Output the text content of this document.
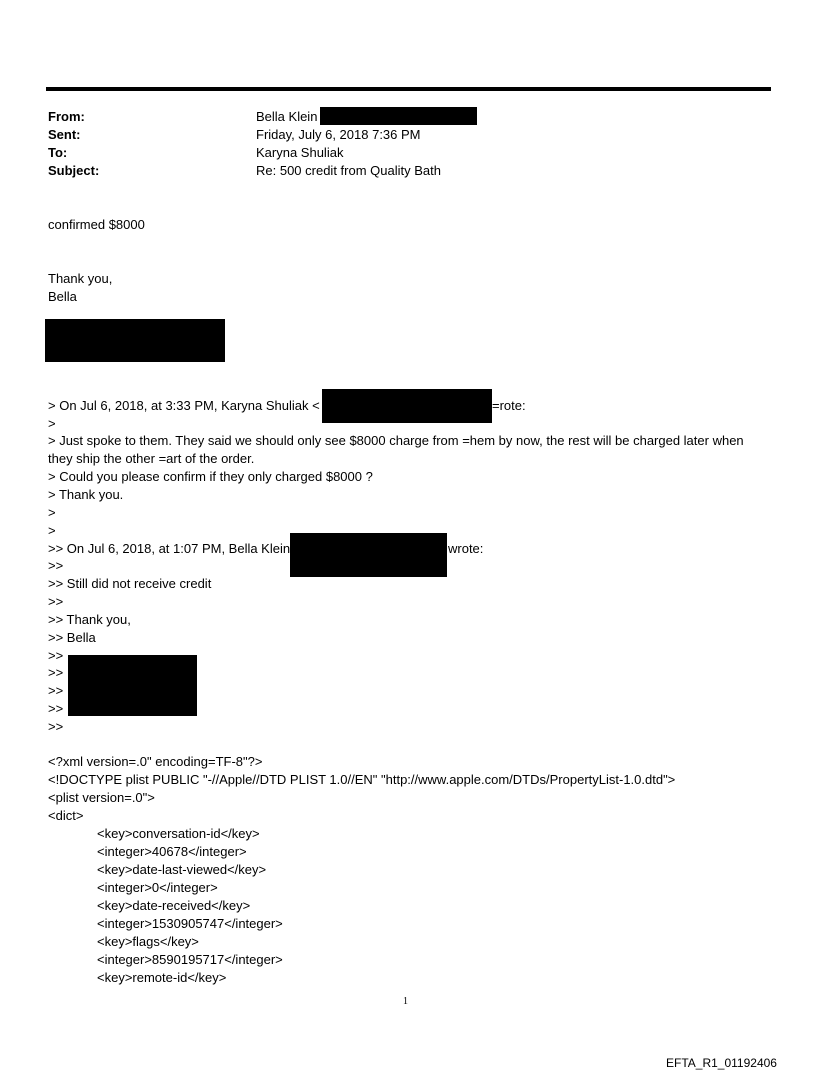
From:	Bella Klein
Sent:	Friday, July 6, 2018 7:36 PM
To:	Karyna Shuliak
Subject:	Re: 500 credit from Quality Bath
confirmed $8000
Thank you,
Bella
> On Jul 6, 2018, at 3:33 PM, Karyna Shuliak <	=rote:
>
> Just spoke to them. They said we should only see $8000 charge from =hem by now, the rest will be charged later when
they ship the other =art of the order.
> Could you please confirm if they only charged $8000 ?
> Thank you.
>
>
>> On Jul 6, 2018, at 1:07 PM, Bella Klein	wrote:
>>
>> Still did not receive credit
>>
>> Thank you,
>> Bella
>>
>>
>>
>>
>>
<?xml version=.0" encoding=TF-8"?>
<!DOCTYPE plist PUBLIC "-//Apple//DTD PLIST 1.0//EN" "http://www.apple.com/DTDs/PropertyList-1.0.dtd">
<plist version=.0">
<dict>
<key>conversation-id</key>
<integer>40678</integer>
<key>date-last-viewed</key>
<integer>0</integer>
<key>date-received</key>
<integer>1530905747</integer>
<key>flags</key>
<integer>8590195717</integer>
<key>remote-id</key>
1
EFTA_R1_01192406
